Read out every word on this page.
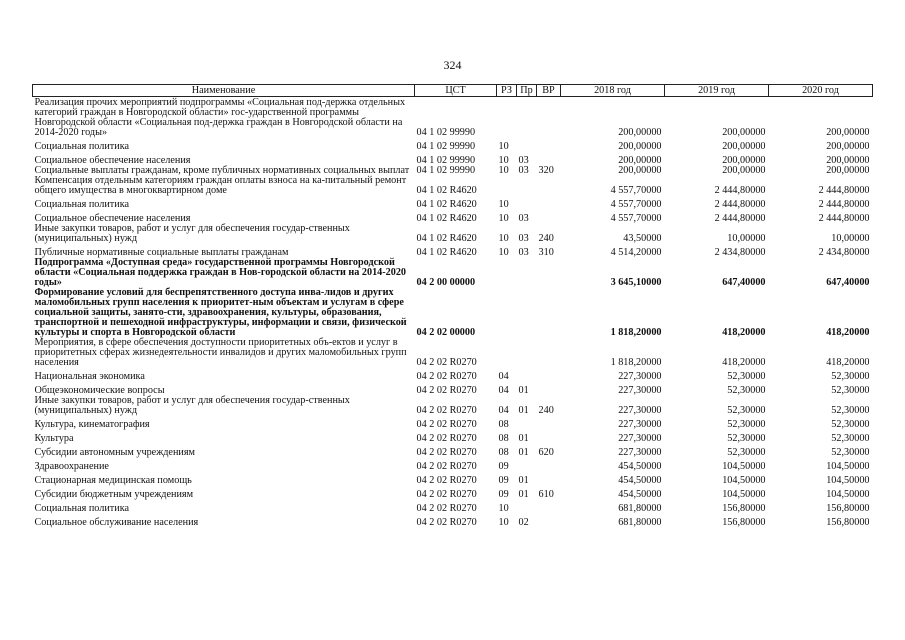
324
Наименование	ЦСТ	РЗ	Пр	ВР	2018 год	2019 год	2020 год
Реализация прочих мероприятий подпрограммы «Социальная под-держка отдельных категорий граждан в Новгородской области» гос-ударственной программы Новгородской области «Социальная под-держка граждан в Новгородской области на 2014-2020 годы»	04 1 02 99990				200,00000	200,00000	200,00000
Социальная политика	04 1 02 99990	10			200,00000	200,00000	200,00000
Социальное обеспечение населения	04 1 02 99990	10	03		200,00000	200,00000	200,00000
Социальные выплаты гражданам, кроме публичных нормативных социальных выплат	04 1 02 99990	10	03	320	200,00000	200,00000	200,00000
Компенсация отдельным категориям граждан оплаты взноса на ка-питальный ремонт общего имущества в многоквартирном доме	04 1 02 R4620				4 557,70000	2 444,80000	2 444,80000
Социальная политика	04 1 02 R4620	10			4 557,70000	2 444,80000	2 444,80000
Социальное обеспечение населения	04 1 02 R4620	10	03		4 557,70000	2 444,80000	2 444,80000
Иные закупки товаров, работ и услуг для обеспечения государ-ственных (муниципальных) нужд	04 1 02 R4620	10	03	240	43,50000	10,00000	10,00000
Публичные нормативные социальные выплаты гражданам	04 1 02 R4620	10	03	310	4 514,20000	2 434,80000	2 434,80000
Подпрограмма «Доступная среда» государственной программы Новгородской области «Социальная поддержка граждан в Нов-городской области на 2014-2020 годы»	04 2 00 00000				3 645,10000	647,40000	647,40000
Формирование условий для беспрепятственного доступа инва-лидов и других маломобильных групп населения к приоритет-ным объектам и услугам в сфере социальной защиты, занято-сти, здравоохранения, культуры, образования, транспортной и пешеходной инфраструктуры, информации и связи, физической культуры и спорта в Новгородской области	04 2 02 00000				1 818,20000	418,20000	418,20000
Мероприятия, в сфере обеспечения доступности приоритетных объ-ектов и услуг в приоритетных сферах жизнедеятельности инвалидов и других маломобильных групп населения	04 2 02 R0270				1 818,20000	418,20000	418,20000
Национальная экономика	04 2 02 R0270	04			227,30000	52,30000	52,30000
Общеэкономические вопросы	04 2 02 R0270	04	01		227,30000	52,30000	52,30000
Иные закупки товаров, работ и услуг для обеспечения государ-ственных (муниципальных) нужд	04 2 02 R0270	04	01	240	227,30000	52,30000	52,30000
Культура, кинематография	04 2 02 R0270	08			227,30000	52,30000	52,30000
Культура	04 2 02 R0270	08	01		227,30000	52,30000	52,30000
Субсидии автономным учреждениям	04 2 02 R0270	08	01	620	227,30000	52,30000	52,30000
Здравоохранение	04 2 02 R0270	09			454,50000	104,50000	104,50000
Стационарная медицинская помощь	04 2 02 R0270	09	01		454,50000	104,50000	104,50000
Субсидии бюджетным учреждениям	04 2 02 R0270	09	01	610	454,50000	104,50000	104,50000
Социальная политика	04 2 02 R0270	10			681,80000	156,80000	156,80000
Социальное обслуживание населения	04 2 02 R0270	10	02		681,80000	156,80000	156,80000
